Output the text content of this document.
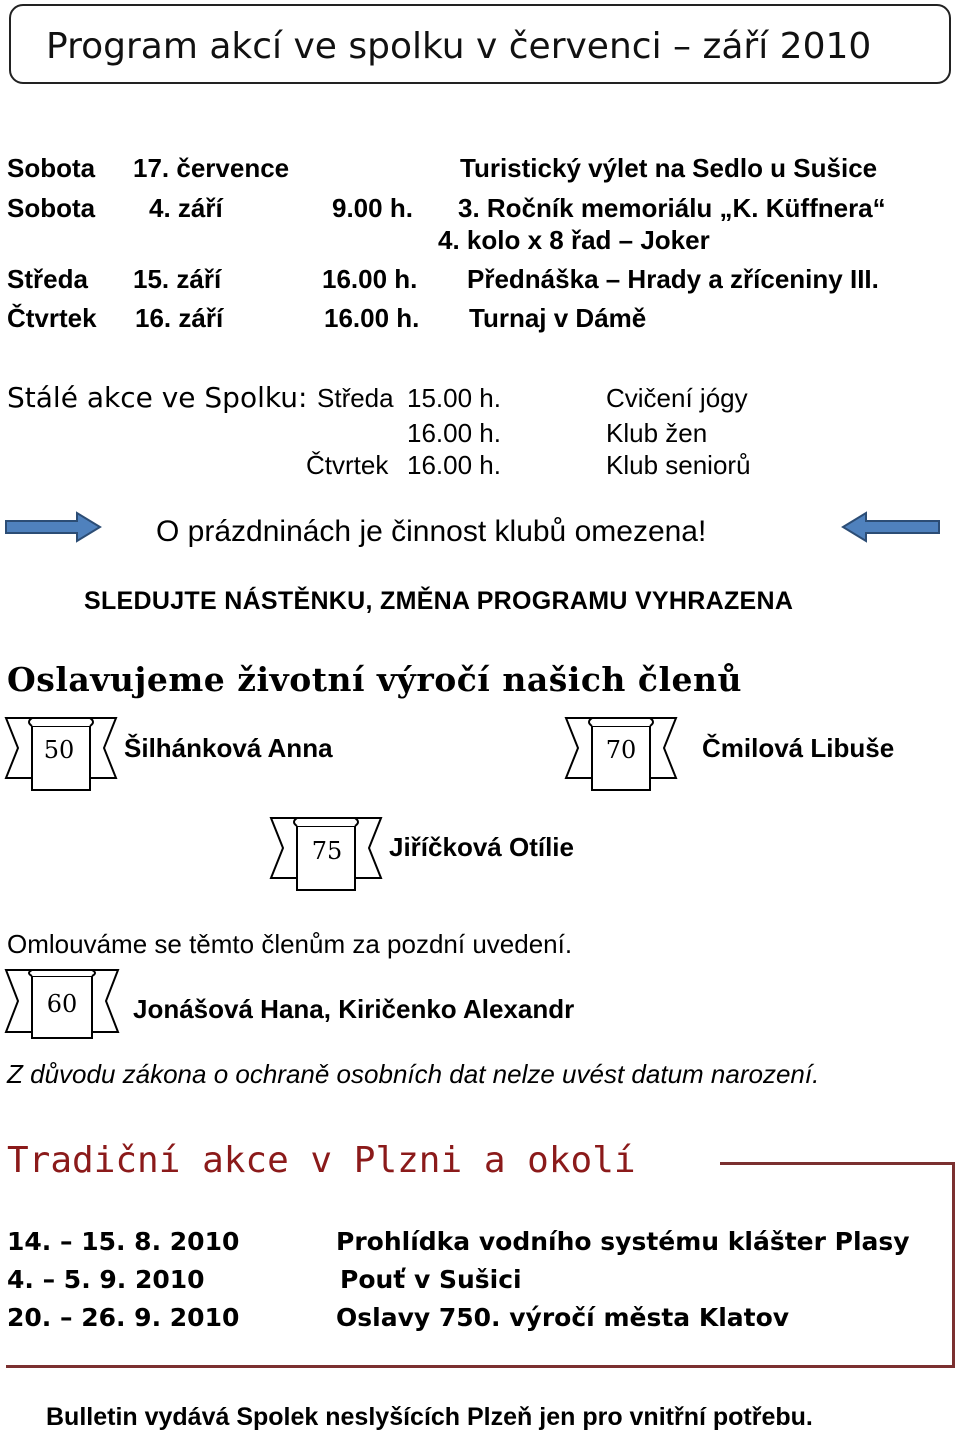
Program akcí ve spolku v červenci – září 2010
Sobota 17. července	Turistický výlet na Sedlo u Sušice
Sobota 4. září	9.00 h. 3. Ročník memoriálu „K. Küffnera“
4. kolo x 8 řad – Joker
Středa 15. září	16.00 h. Přednáška – Hrady a zříceniny III.
Čtvrtek 16. září	16.00 h. Turnaj v Dámě
Stálé akce ve Spolku: Středa 15.00 h.	Cvičení jógy
16.00 h.	Klub žen
Čtvrtek 16.00 h.	Klub seniorů
O prázdninách je činnost klubů omezena!
SLEDUJTE NÁSTĚNKU, ZMĚNA PROGRAMU VYHRAZENA
Oslavujeme životní výročí našich členů
50 Šilhánková Anna	70	Čmilová Libuše
75 Jiříčková Otílie
Omlouváme se těmto členům za pozdní uvedení.
60	Jonášová Hana, Kiričenko Alexandr
Z důvodu zákona o ochraně osobních dat nelze uvést datum narození.
Tradiční akce v Plzni a okolí
14. – 15. 8. 2010	Prohlídka vodního systému klášter Plasy
4. – 5. 9. 2010	Pouť v Sušici
20. – 26. 9. 2010	Oslavy 750. výročí města Klatov
Bulletin vydává Spolek neslyšících Plzeň jen pro vnitřní potřebu.
